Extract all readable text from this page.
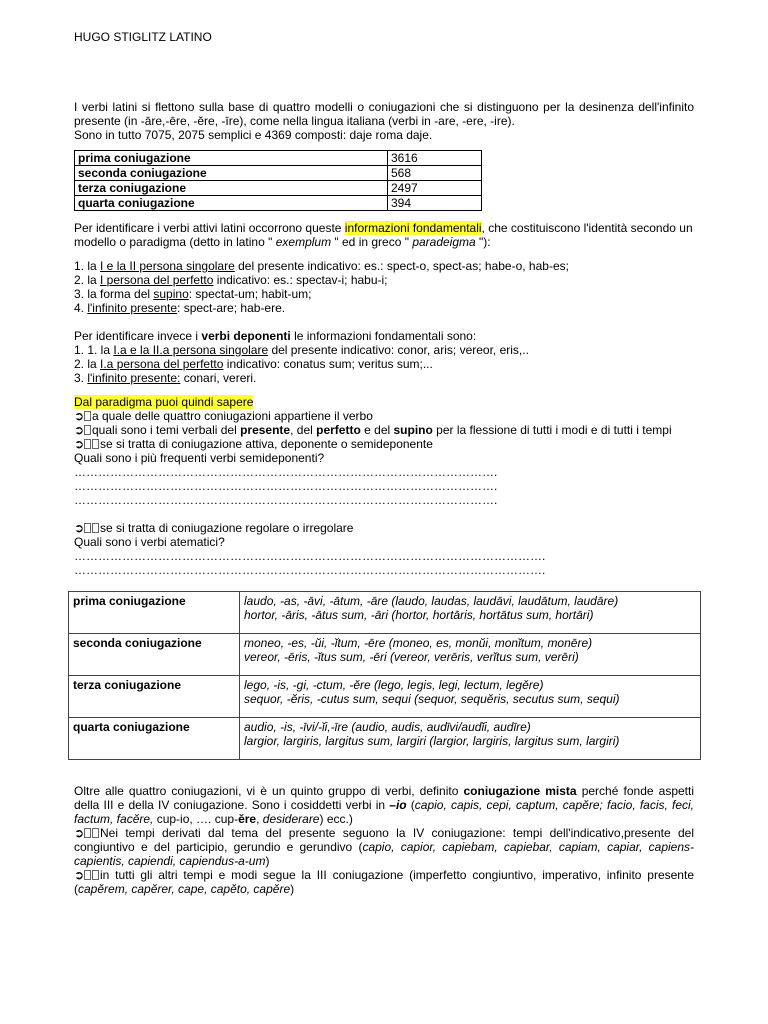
HUGO STIGLITZ LATINO

I verbi latini si flettono sulla base di quattro modelli o coniugazioni che si distinguono per la desinenza dell'infinito presente (in -āre,-ēre, -ĕre, -īre), come nella lingua italiana (verbi in -are, -ere, -ire).
Sono in tutto 7075, 2075 semplici e 4369 composti: daje roma daje.

prima coniugazione	3616
seconda coniugazione	568
terza coniugazione	2497
quarta coniugazione	394

Per identificare i verbi attivi latini occorrono queste informazioni fondamentali, che costituiscono l'identità secondo un modello o paradigma (detto in latino " exemplum " ed in greco " paradeigma "):

1. la I e la II persona singolare del presente indicativo: es.: spect-o, spect-as; habe-o, hab-es;

2. la I persona del perfetto indicativo: es.: spectav-i; habu-i;

3. la forma del supino: spectat-um; habit-um;

4. l'infinito presente: spect-are; hab-ere.

Per identificare invece i verbi deponenti le informazioni fondamentali sono:

1. 1. la I.a e la II.a persona singolare del presente indicativo: conor, aris; vereor, eris,..

2. la I.a persona del perfetto indicativo: conatus sum; veritus sum;...

3. l'infinito presente: conari, vereri.

Dal paradigma puoi quindi sapere

➲ a quale delle quattro coniugazioni appartiene il verbo

➲ quali sono i temi verbali del presente, del perfetto e del supino per la flessione di tutti i modi e di tutti i tempi

➲ se si tratta di coniugazione attiva, deponente o semideponente

Quali sono i più frequenti verbi semideponenti?

…………………………………………………………………………………………….

…………………………………………………………………………………………….

…………………………………………………………………………………………….

➲ se si tratta di coniugazione regolare o irregolare

Quali sono i verbi atematici?

……………………………………………………………………………………………………….

……………………………………………………………………………………………………….

prima coniugazione	laudo, -as, -āvi, -ātum, -āre (laudo, laudas, laudāvi, laudātum, laudāre)
hortor, -āris, -ātus sum, -āri (hortor, hortāris, hortātus sum, hortāri)
seconda coniugazione	moneo, -es, -ŭi, -ĭtum, -ēre (moneo, es, monŭi, monĭtum, monēre)
vereor, -ēris, -ĭtus sum, -ēri (vereor, verēris, verĭtus sum, verēri)
terza coniugazione	lego, -is, -gi, -ctum, -ĕre (lego, legis, legi, lectum, legĕre)
sequor, -ĕris, -cutus sum, sequi (sequor, sequĕris, secutus sum, sequi)
quarta coniugazione	audio, -is, -īvi/-ĭi,-īre (audio, audis, audīvi/audĭi, audīre)
largior, largiris, largitus sum, largiri (largior, largiris, largitus sum, largiri)

Oltre alle quattro coniugazioni, vi è un quinto gruppo di verbi, definito coniugazione mista perché fonde aspetti della III e della IV coniugazione. Sono i cosiddetti verbi in –io (capio, capis, cepi, captum, capĕre; facio, facis, feci, factum, facĕre, cup-io, …. cup-ĕre, desiderare) ecc.)

➲ Nei tempi derivati dal tema del presente seguono la IV coniugazione: tempi dell'indicativo,presente del congiuntivo e del participio, gerundio e gerundivo (capio, capior, capiebam, capiebar, capiam, capiar, capiens-capientis, capiendi, capiendus-a-um)

➲ in tutti gli altri tempi e modi segue la III coniugazione (imperfetto congiuntivo, imperativo, infinito presente (capĕrem, capĕrer, cape, capĕto, capĕre)
